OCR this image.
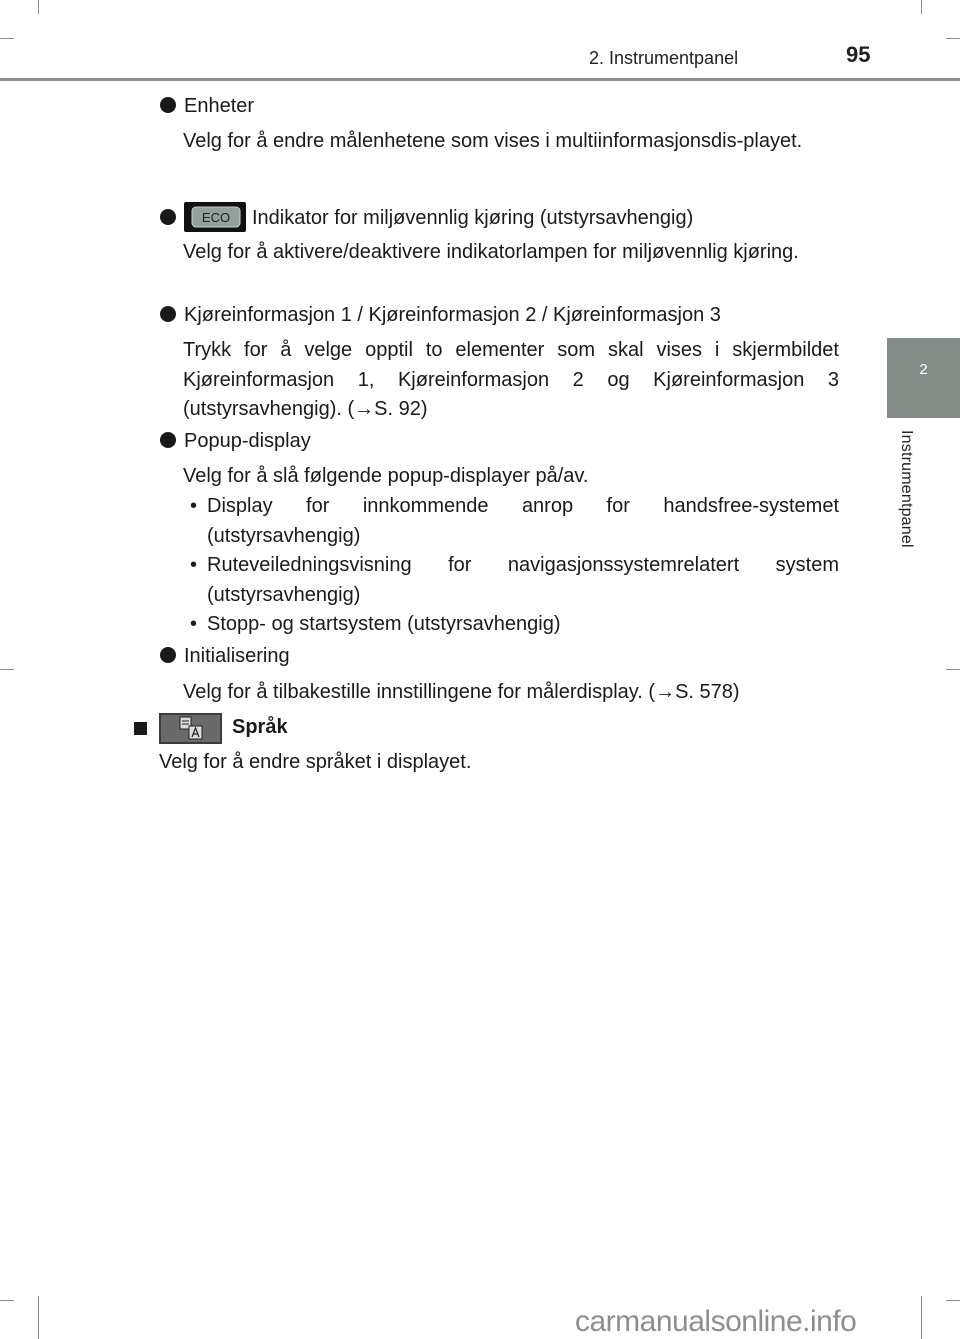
2. Instrumentpanel	95
2
Instrumentpanel
Enheter
Velg for å endre målenhetene som vises i multiinformasjonsdis-playet.
ECO Indikator for miljøvennlig kjøring (utstyrsavhengig)
Velg for å aktivere/deaktivere indikatorlampen for miljøvennlig kjøring.
Kjøreinformasjon 1 / Kjøreinformasjon 2 / Kjøreinformasjon 3
Trykk for å velge opptil to elementer som skal vises i skjermbildet Kjøreinformasjon 1, Kjøreinformasjon 2 og Kjøreinformasjon 3 (utstyrsavhengig). (→S. 92)
Popup-display
Velg for å slå følgende popup-displayer på/av.
• Display for innkommende anrop for handsfree-systemet (utstyrsavhengig)
• Ruteveiledningsvisning for navigasjonssystemrelatert system (utstyrsavhengig)
• Stopp- og startsystem (utstyrsavhengig)
Initialisering
Velg for å tilbakestille innstillingene for målerdisplay. (→S. 578)
Språk
Velg for å endre språket i displayet.
carmanualsonline.info
